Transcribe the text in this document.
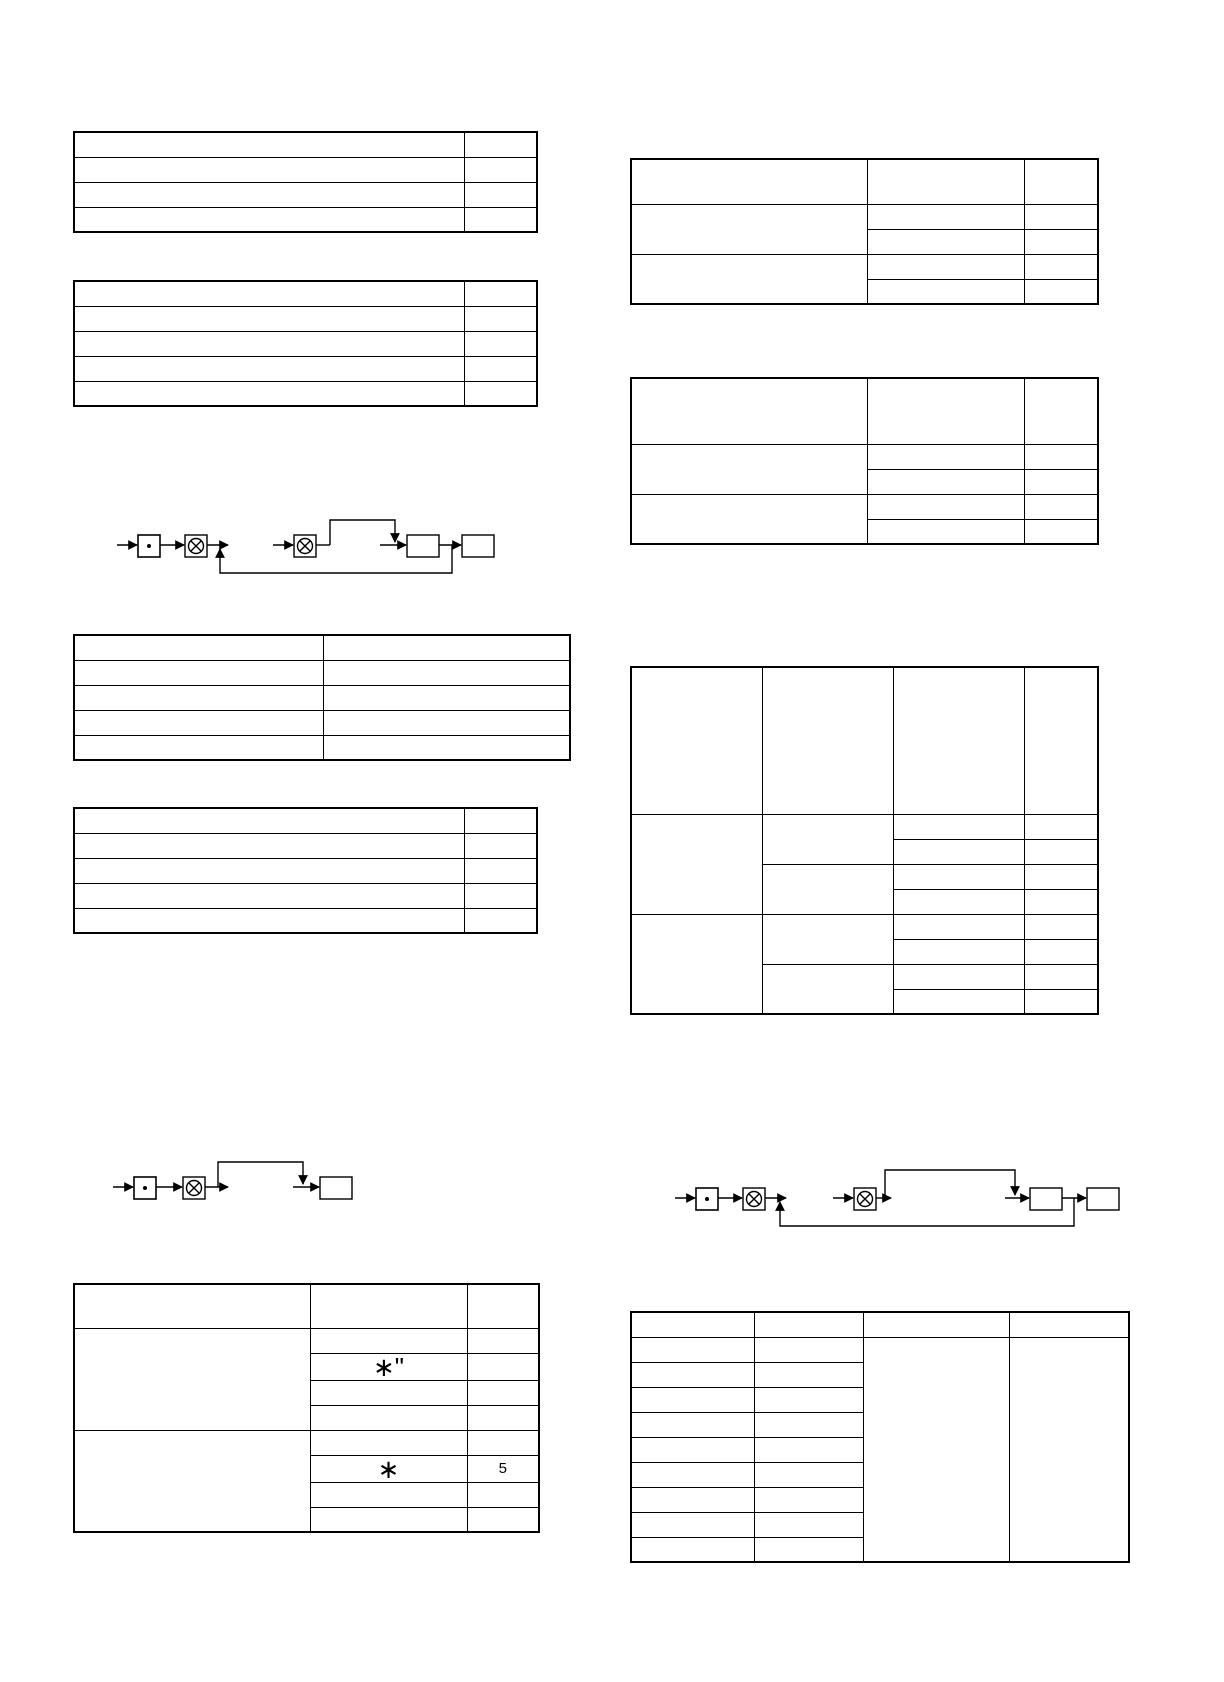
	∗"	

	∗	5
